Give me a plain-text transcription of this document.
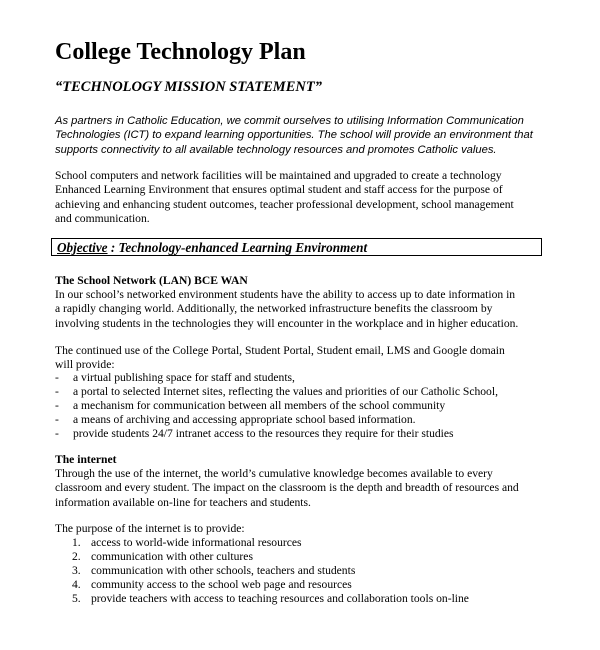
College Technology Plan

“TECHNOLOGY MISSION STATEMENT”

As partners in Catholic Education, we commit ourselves to utilising Information Communication
Technologies (ICT) to expand learning opportunities. The school will provide an environment that
supports connectivity to all available technology resources and promotes Catholic values.

School computers and network facilities will be maintained and upgraded to create a technology
Enhanced Learning Environment that ensures optimal student and staff access for the purpose of
achieving and enhancing student outcomes, teacher professional development, school management
and communication.

Objective : Technology-enhanced Learning Environment

The School Network (LAN) BCE WAN

In our school’s networked environment students have the ability to access up to date information in
a rapidly changing world. Additionally, the networked infrastructure benefits the classroom by
involving students in the technologies they will encounter in the workplace and in higher education.

The continued use of the College Portal, Student Portal, Student email, LMS and Google domain
will provide:

-	a virtual publishing space for staff and students,
-	a portal to selected Internet sites, reflecting the values and priorities of our Catholic School,
-	a mechanism for communication between all members of the school community
-	a means of archiving and accessing appropriate school based information.
-	provide students 24/7 intranet access to the resources they require for their studies

The internet

Through the use of the internet, the world’s cumulative knowledge becomes available to every
classroom and every student. The impact on the classroom is the depth and breadth of resources and
information available on-line for teachers and students.

The purpose of the internet is to provide:

1. access to world-wide informational resources
2. communication with other cultures
3. communication with other schools, teachers and students
4. community access to the school web page and resources
5. provide teachers with access to teaching resources and collaboration tools on-line
